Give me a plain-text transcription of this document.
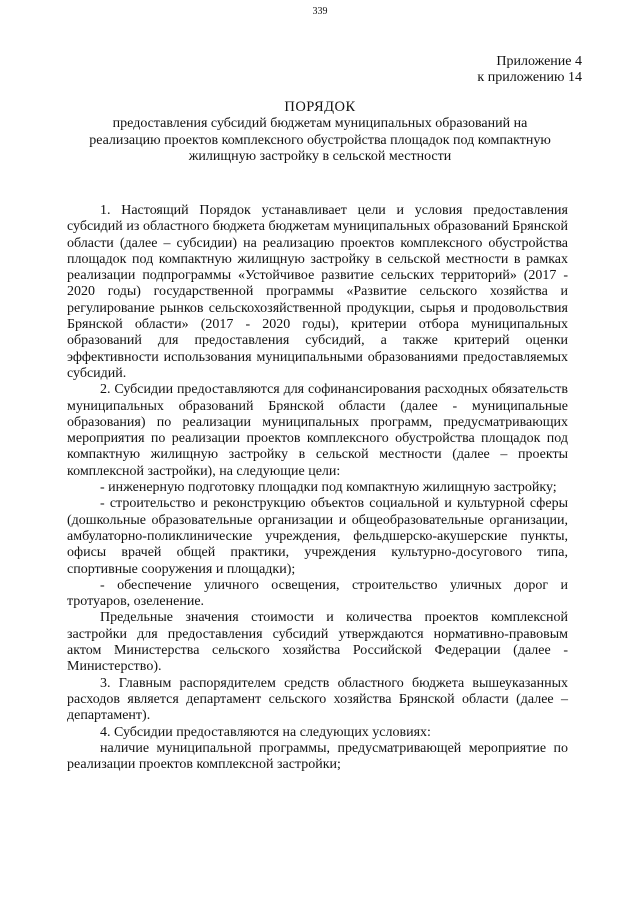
339
Приложение 4
к приложению 14
ПОРЯДОК
предоставления субсидий бюджетам муниципальных образований на реализацию проектов комплексного обустройства площадок под компактную жилищную застройку в сельской местности

1. Настоящий Порядок устанавливает цели и условия предоставления субсидий из областного бюджета бюджетам муниципальных образований Брянской области (далее – субсидии) на реализацию проектов комплексного обустройства площадок под компактную жилищную застройку в сельской местности в рамках реализации подпрограммы «Устойчивое развитие сельских территорий» (2017 - 2020 годы) государственной программы «Развитие сельского хозяйства и регулирование рынков сельскохозяйственной продукции, сырья и продовольствия Брянской области» (2017 - 2020 годы), критерии отбора муниципальных образований для предоставления субсидий, а также критерий оценки эффективности использования муниципальными образованиями предоставляемых субсидий.

2. Субсидии предоставляются для софинансирования расходных обязательств муниципальных образований Брянской области (далее - муниципальные образования) по реализации муниципальных программ, предусматривающих мероприятия по реализации проектов комплексного обустройства площадок под компактную жилищную застройку в сельской местности (далее – проекты комплексной застройки), на следующие цели:

- инженерную подготовку площадки под компактную жилищную застройку;

- строительство и реконструкцию объектов социальной и культурной сферы (дошкольные образовательные организации и общеобразовательные организации, амбулаторно-поликлинические учреждения, фельдшерско-акушерские пункты, офисы врачей общей практики, учреждения культурно-досугового типа, спортивные сооружения и площадки);

- обеспечение уличного освещения, строительство уличных дорог и тротуаров, озеленение.

Предельные значения стоимости и количества проектов комплексной застройки для предоставления субсидий утверждаются нормативно-правовым актом Министерства сельского хозяйства Российской Федерации (далее - Министерство).

3. Главным распорядителем средств областного бюджета вышеуказанных расходов является департамент сельского хозяйства Брянской области (далее – департамент).

4. Субсидии предоставляются на следующих условиях:

наличие муниципальной программы, предусматривающей мероприятие по реализации проектов комплексной застройки;
